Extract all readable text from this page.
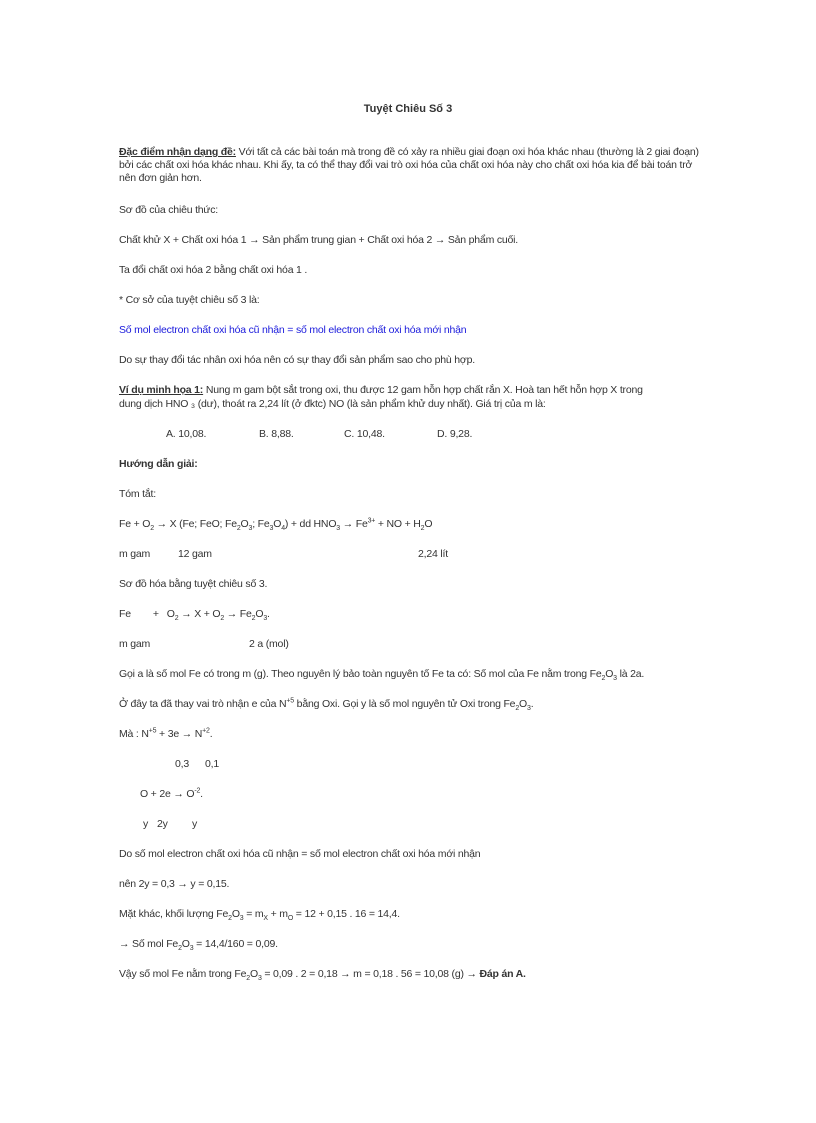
Tuyệt Chiêu Số 3
Đặc điểm nhận dạng đề: Với tất cả các bài toán mà trong đề có xảy ra nhiều giai đoạn oxi hóa khác nhau (thường là 2 giai đoạn) bởi các chất oxi hóa khác nhau. Khi ấy, ta có thể thay đổi vai trò oxi hóa của chất oxi hóa này cho chất oxi hóa kia để bài toán trở nên đơn giản hơn.
Sơ đồ của chiêu thức:
Chất khử X + Chất oxi hóa 1 → Sản phẩm trung gian + Chất oxi hóa 2 → Sản phẩm cuối.
Ta đổi chất oxi hóa 2 bằng chất oxi hóa 1 .
* Cơ sở của tuyệt chiêu số 3 là:
Số mol electron chất oxi hóa cũ nhận = số mol electron chất oxi hóa mới nhận
Do sự thay đổi tác nhân oxi hóa nên có sự thay đổi sản phẩm sao cho phù hợp.
Ví dụ minh họa 1: Nung m gam bột sắt trong oxi, thu được 12 gam hỗn hợp chất rắn X. Hoà tan hết hỗn hợp X trong
dung dịch HNO ₃ (dư), thoát ra 2,24 lít (ở đktc) NO (là sản phẩm khử duy nhất). Giá trị của m là:
A. 10,08.	B. 8,88.	C. 10,48.	D. 9,28.
Hướng dẫn giải:
Tóm tắt:
$Fe + O_2 \to X$ (Fe; FeO; $Fe_2O_3$; $Fe_3O_4$) + dd $HNO_3 \to Fe^{3+}$ + NO + $H_2O$
m gam	12 gam	2,24 lít
Sơ đồ hóa bằng tuyệt chiêu số 3.
$Fe + O_2 \to X + O_2 \to Fe_2O_3$.
m gam	2 a (mol)
Gọi a là số mol Fe có trong m (g). Theo nguyên lý bảo toàn nguyên tố Fe ta có: Số mol của Fe nằm trong $Fe_2O_3$ là 2a.
Ở đây ta đã thay vai trò nhận e của $N^{+5}$ bằng Oxi. Gọi y là số mol nguyên tử Oxi trong $Fe_2O_3$.
Mà : $N^{+5} + 3e \to N^{+2}$.
0,3 0,1
$O + 2e \to O^{-2}$.
y 2y y
Do số mol electron chất oxi hóa cũ nhận = số mol electron chất oxi hóa mới nhận
nên 2y = 0,3 → y = 0,15.
Mặt khác, khối lượng $Fe_2O_3 = m_X + m_O = 12 + 0,15$ . 16 = 14,4.
→ Số mol $Fe_2O_3 = 14,4/160 = 0,09$.
Vậy số mol Fe nằm trong $Fe_2O_3 = 0,09$ . 2 = 0,18 → m = 0,18 . 56 = 10,08 (g) → Đáp án A.
